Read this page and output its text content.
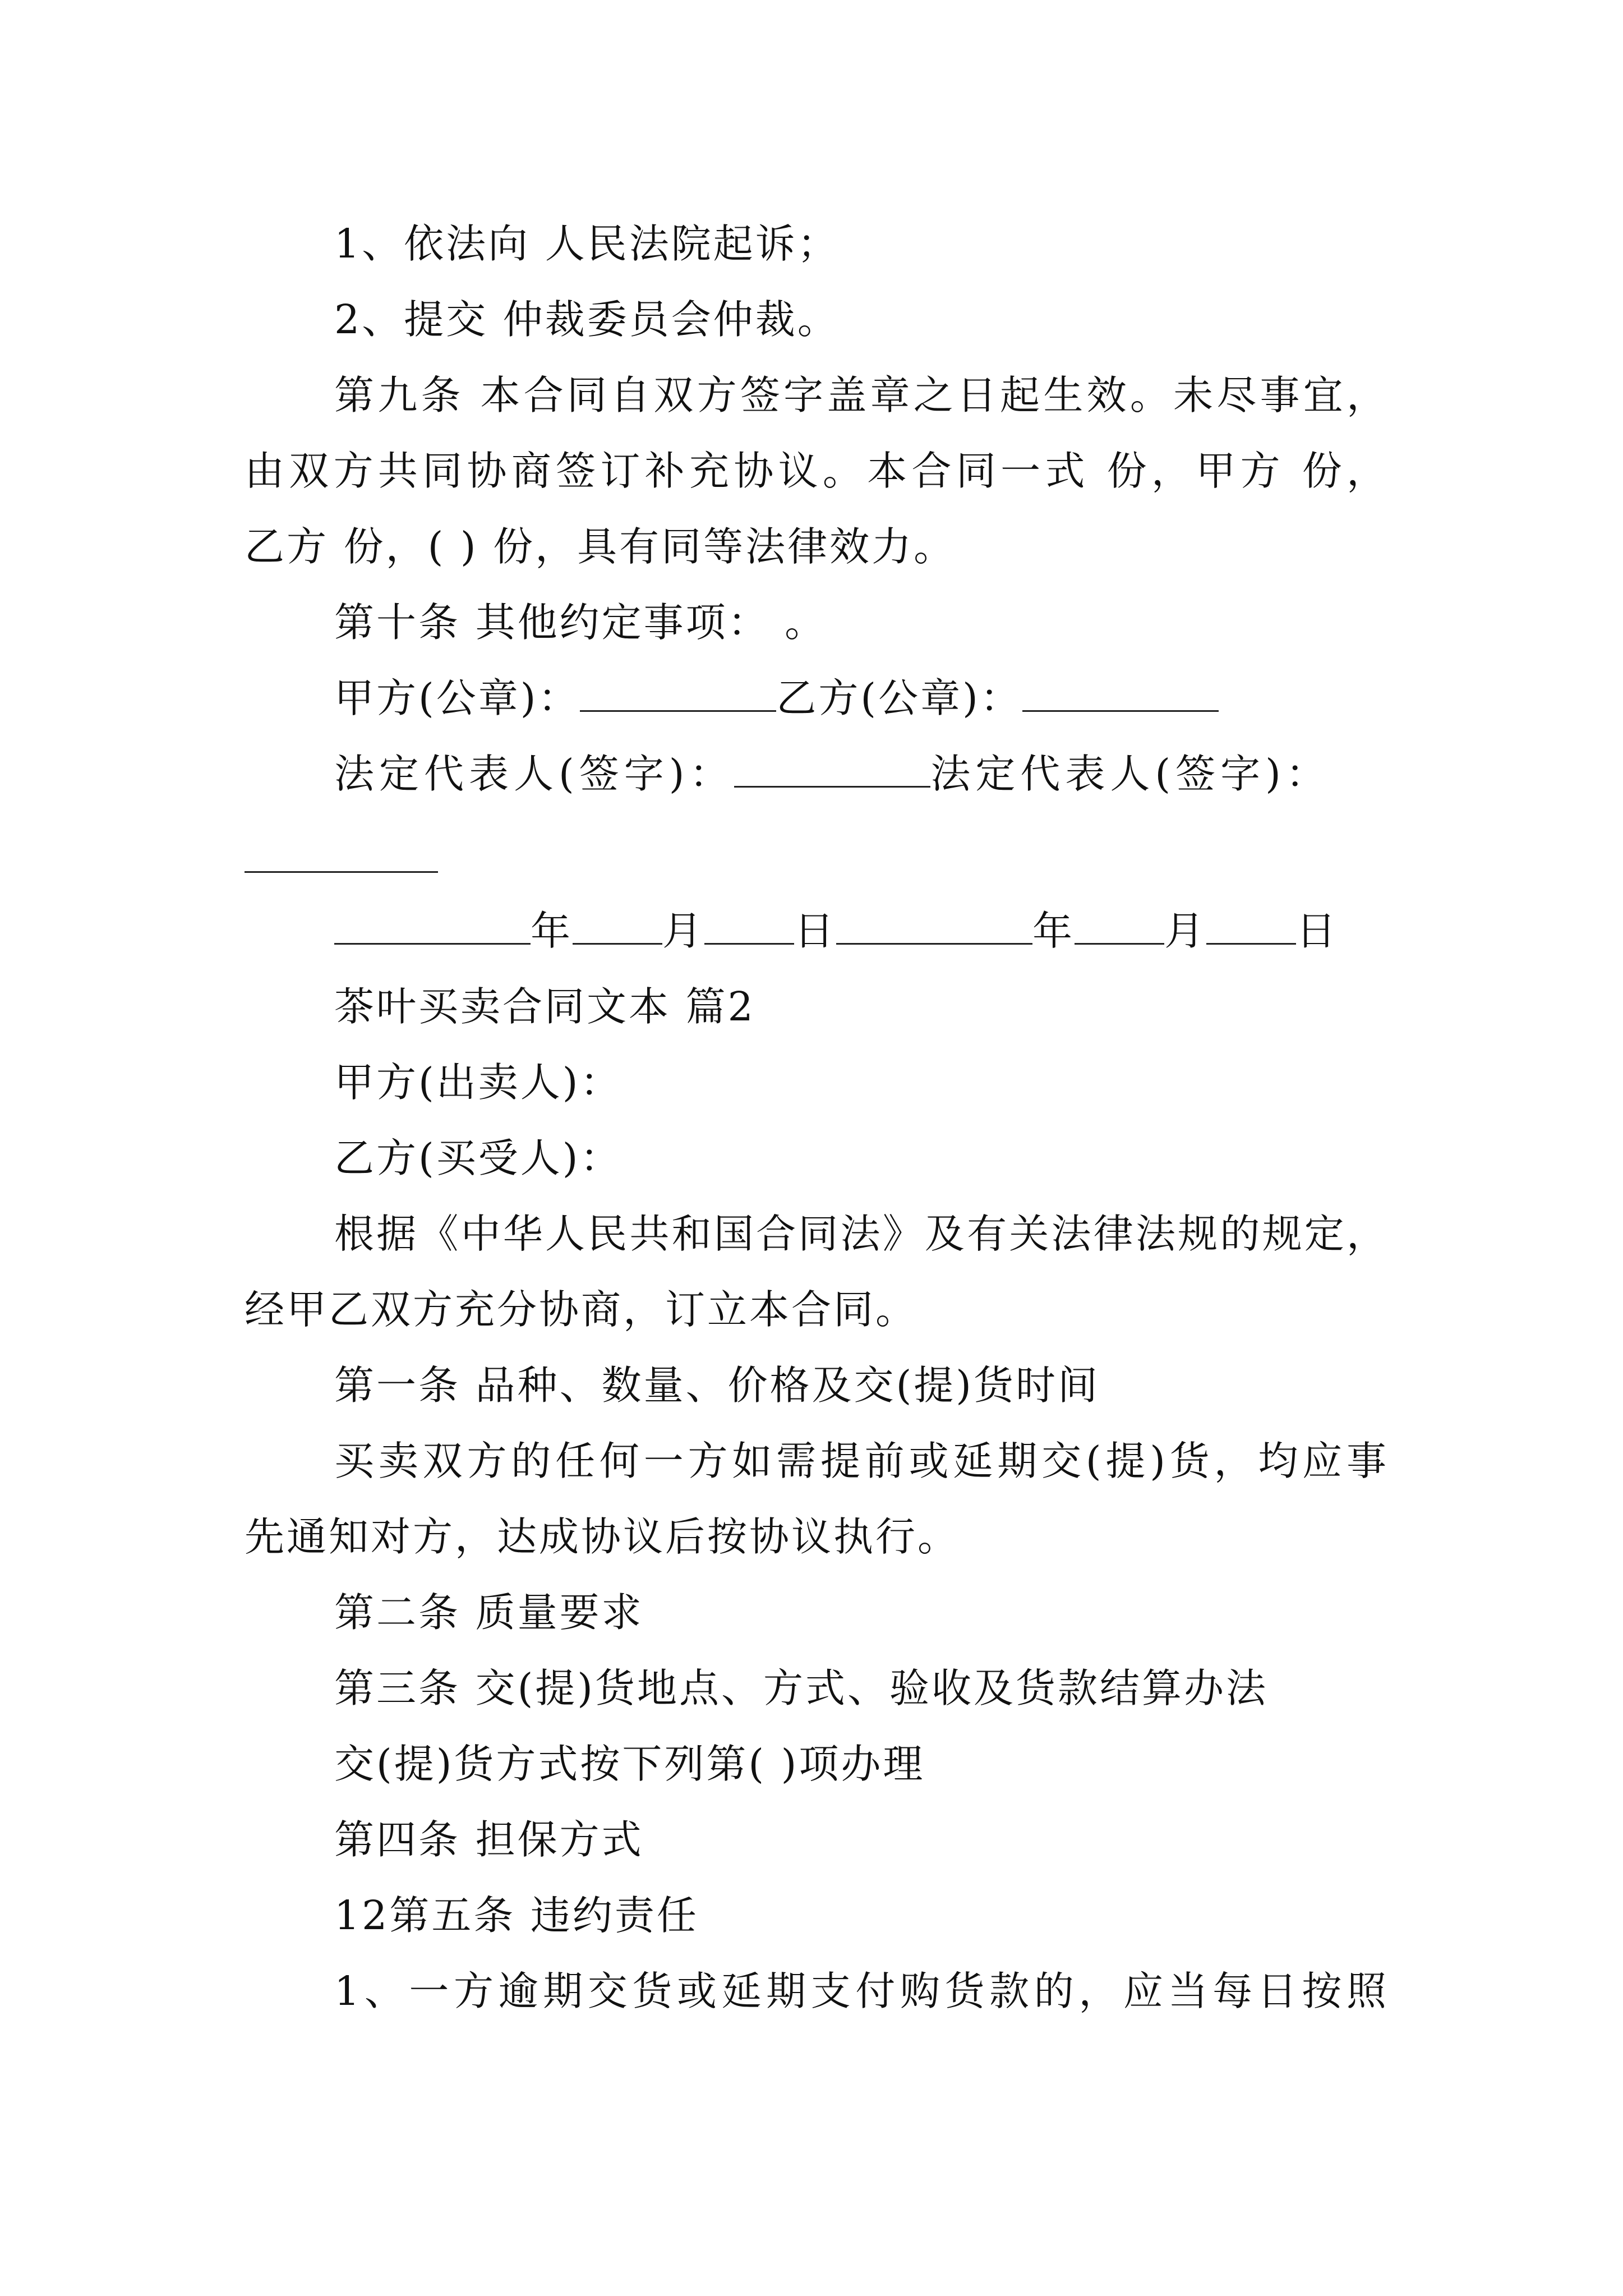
1、依法向 人民法院起诉；
2、提交 仲裁委员会仲裁。
第九条 本合同自双方签字盖章之日起生效。未尽事宜，
由双方共同协商签订补充协议。本合同一式 份，甲方 份，
乙方 份，( ) 份，具有同等法律效力。
第十条 其他约定事项： 。
甲方(公章)：	乙方(公章)：
法定代表人(签字)：	法定代表人(签字)：
年 月 日	年 月 日
茶叶买卖合同文本 篇2
甲方(出卖人)：
乙方(买受人)：
根据《中华人民共和国合同法》及有关法律法规的规定，
经甲乙双方充分协商，订立本合同。
第一条 品种、数量、价格及交(提)货时间
买卖双方的任何一方如需提前或延期交(提)货，均应事
先通知对方，达成协议后按协议执行。
第二条 质量要求
第三条 交(提)货地点、方式、验收及货款结算办法
交(提)货方式按下列第( )项办理
第四条 担保方式
12第五条 违约责任
1、一方逾期交货或延期支付购货款的，应当每日按照
